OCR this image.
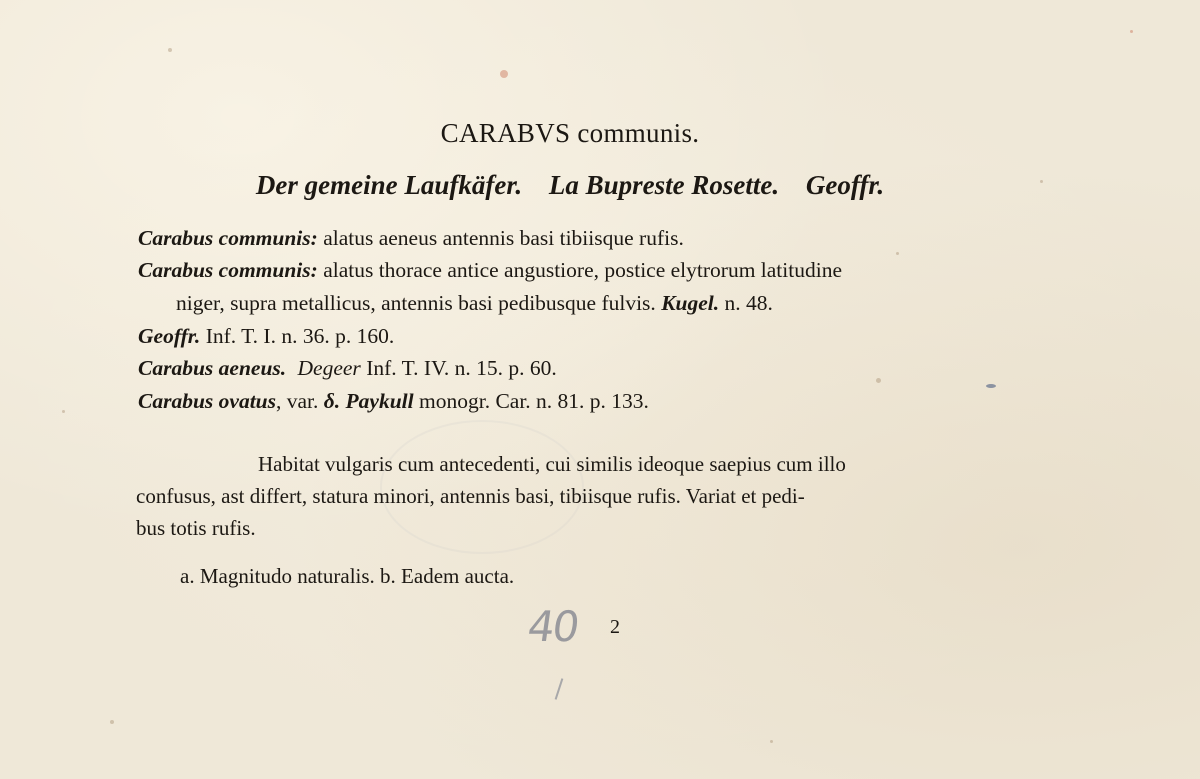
CARABVS communis.
Der gemeine Laufkäfer. La Bupreste Rosette. Geoffr.
Carabus communis: alatus aeneus antennis basi tibiisque rufis.
Carabus communis: alatus thorace antice angustiore, postice elytrorum latitudine
niger, supra metallicus, antennis basi pedibusque fulvis. Kugel. n. 48.
Geoffr. Inf. T. I. n. 36. p. 160.
Carabus aeneus. Degeer Inf. T. IV. n. 15. p. 60.
Carabus ovatus, var. δ. Paykull monogr. Car. n. 81. p. 133.
Habitat vulgaris cum antecedenti, cui similis ideoque saepius cum illo
confusus, ast differt, statura minori, antennis basi, tibiisque rufis. Variat et pedi-
bus totis rufis.
a. Magnitudo naturalis. b. Eadem aucta.
40 2
